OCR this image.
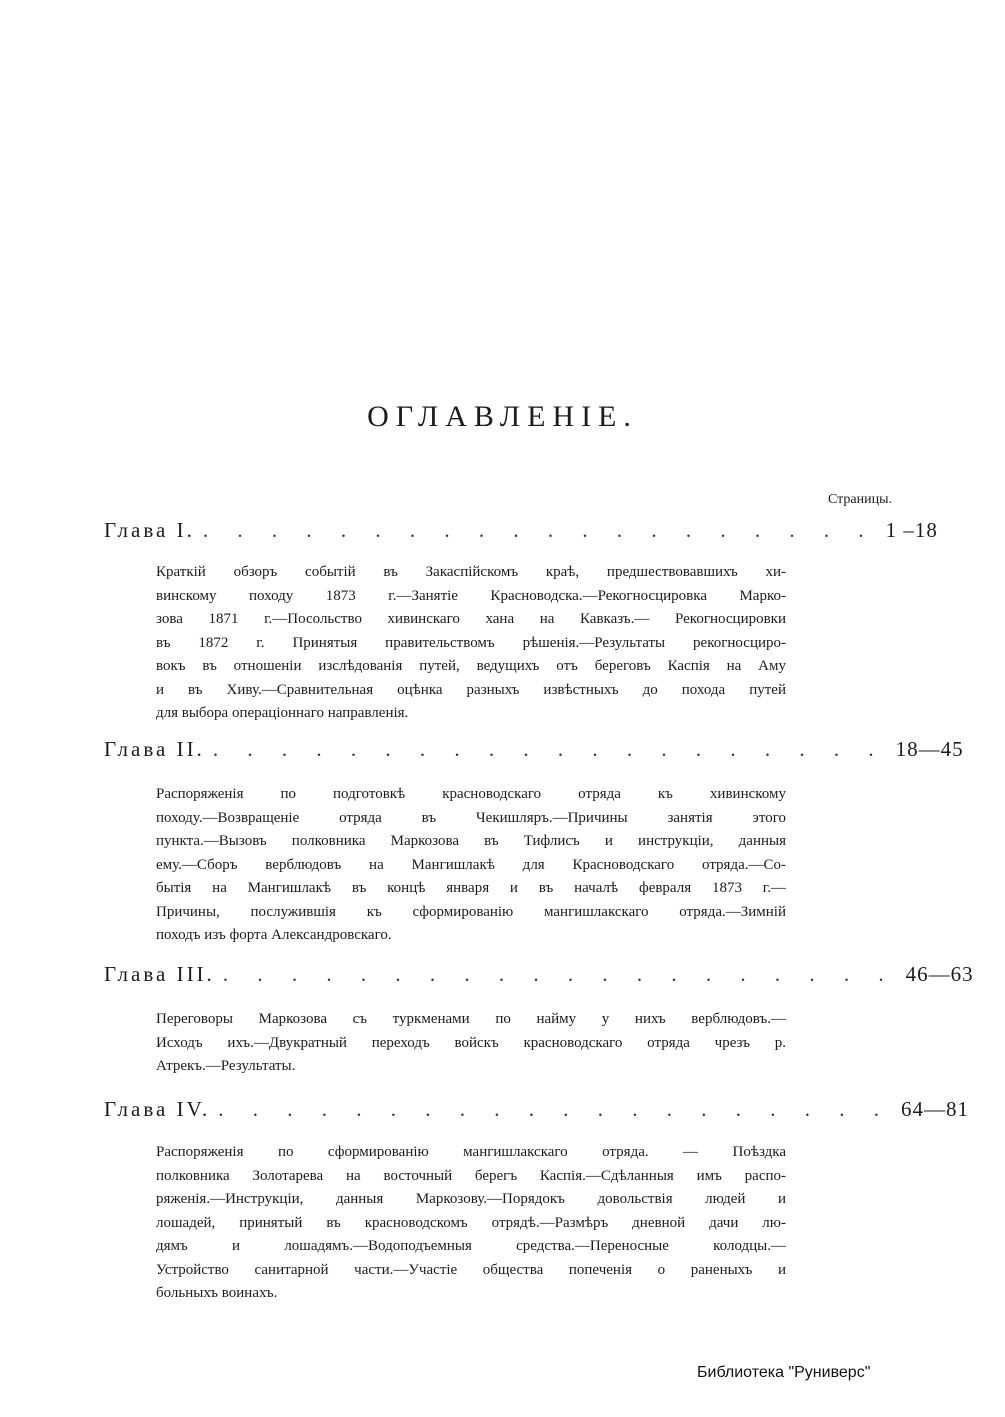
ОГЛАВЛЕНІЕ.
Страницы.
Глава I. . . . . . . . . . . . . . . . . . . . . 1 –18
Краткій обзоръ событій въ Закаспійскомъ краѣ, предшествовавшихъ хи-
винскому походу 1873 г.—Занятіе Красноводска.—Рекогносцировка Марко-
зова 1871 г.—Посольство хивинскаго хана на Кавказъ.— Рекогносцировки
въ 1872 г. Принятыя правительствомъ рѣшенія.—Результаты рекогносциро-
вокъ въ отношеніи изслѣдованія путей, ведущихъ отъ береговъ Каспія на Аму
и въ Хиву.—Сравнительная оцѣнка разныхъ извѣстныхъ до похода путей
для выбора операціоннаго направленія.
Глава II. . . . . . . . . . . . . . . . . . . . . 18—45
Распоряженія по подготовкѣ красноводскаго отряда къ хивинскому
походу.—Возвращеніе отряда въ Чекишляръ.—Причины занятія этого
пункта.—Вызовъ полковника Маркозова въ Тифлисъ и инструкціи, данныя
ему.—Сборъ верблюдовъ на Мангишлакѣ для Красноводскаго отряда.—Со-
бытія на Мангишлакѣ въ концѣ января и въ началѣ февраля 1873 г.—
Причины, послужившія къ сформированію мангишлакскаго отряда.—Зимній
походъ изъ форта Александровскаго.
Глава III. . . . . . . . . . . . . . . . . . . . . 46—63
Переговоры Маркозова съ туркменами по найму у нихъ верблюдовъ.—
Исходъ ихъ.—Двукратный переходъ войскъ красноводскаго отряда чрезъ р.
Атрекъ.—Результаты.
Глава IV. . . . . . . . . . . . . . . . . . . . . 64—81
Распоряженія по сформированію мангишлакскаго отряда. — Поѣздка
полковника Золотарева на восточный берегъ Каспія.—Сдѣланныя имъ распо-
ряженія.—Инструкціи, данныя Маркозову.—Порядокъ довольствія людей и
лошадей, принятый въ красноводскомъ отрядѣ.—Размѣръ дневной дачи лю-
дямъ и лошадямъ.—Водоподъемныя средства.—Переносные колодцы.—
Устройство санитарной части.—Участіе общества попеченія о раненыхъ и
больныхъ воинахъ.
Библиотека "Руниверс"
